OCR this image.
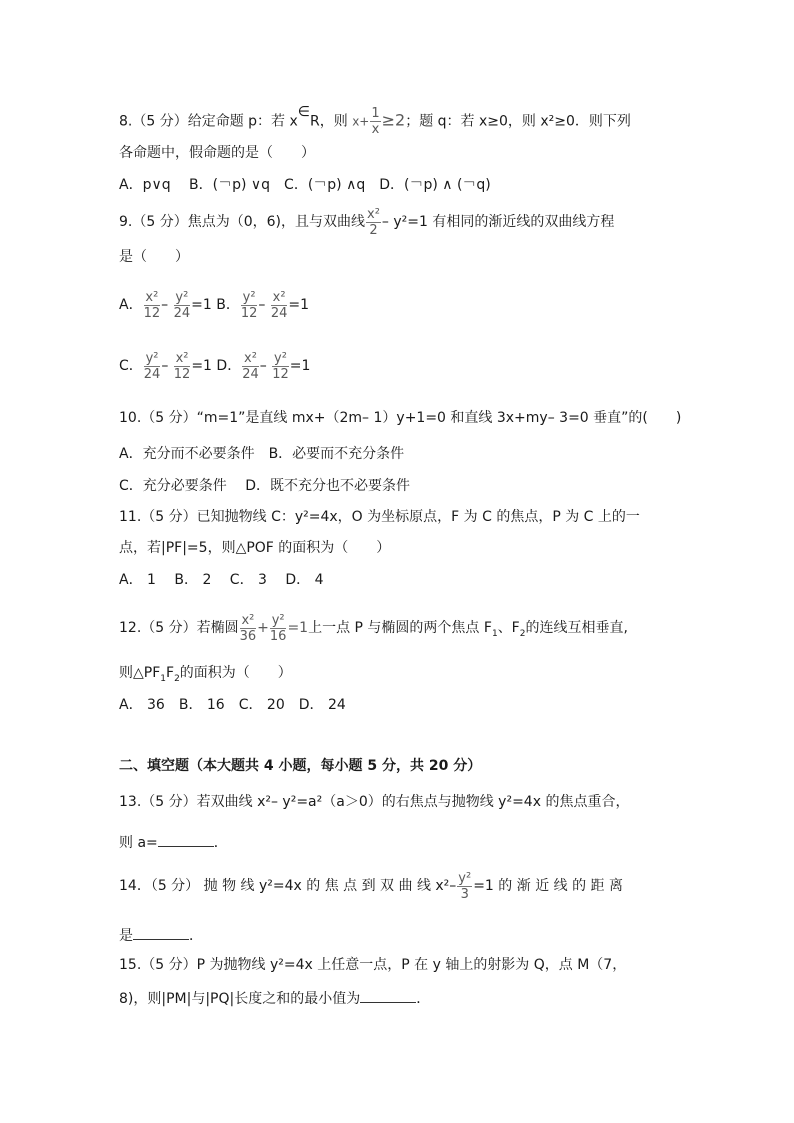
8.（5 分）给定命题 p：若 x∈R，则 $x+ \frac{1}{x} \ge 2$；题 q：若 x≥0，则 x²≥0．则下列
各命题中，假命题的是（　　）
A．p∨q　 B．(￢p) ∨q　C．(￢p) ∧q　D．(￢p) ∧ (￢q)
9.（5 分）焦点为（0，6)，且与双曲线 $\frac{\text{x²}}{2} - y^2=1$ 有相同的渐近线的双曲线方程
是（　　）
A． $\frac{\text{x²}}{12} - \frac{\text{y²}}{24} =1$ B． $\frac{\text{y²}}{12} - \frac{\text{x²}}{24} =1$
C． $\frac{\text{y²}}{24} - \frac{\text{x²}}{12} =1$ D． $\frac{\text{x²}}{24} - \frac{\text{y²}}{12} =1$
10.（5 分）“m=1”是直线 mx+（2m– 1）y+1=0 和直线 3x+my– 3=0 垂直”的(　　)
A．充分而不必要条件　B．必要而不充分条件
C．充分必要条件　 D．既不充分也不必要条件
11.（5 分）已知抛物线 C：y²=4x，O 为坐标原点，F 为 C 的焦点，P 为 C 上的一
点，若|PF|=5，则△POF 的面积为（　　）
A． 1　 B． 2　 C． 3　 D． 4
12.（5 分）若椭圆 $\frac{\text{x²}}{36} + \frac{\text{y²}}{16} =1$上一点 P 与椭圆的两个焦点 $F_1$、$F_2$的连线互相垂直,
则$\triangle PF_1F_2$的面积为（　　）
A． 36　B． 16　C． 20　D． 24
二、填空题（本大题共 4 小题，每小题 5 分，共 20 分）
13.（5 分）若双曲线 x²– y²=a²（a＞0）的右焦点与抛物线 y²=4x 的焦点重合，
则 a=	．
14．（5 分） 抛 物 线 y²=4x 的 焦 点 到 双 曲 线 $x^2- \frac{\text{y²}}{3} =1$ 的 渐 近 线 的 距 离
是	．
15.（5 分）P 为抛物线 y²=4x 上任意一点，P 在 y 轴上的射影为 Q，点 M（7，
8)，则|PM|与|PQ|长度之和的最小值为	．
